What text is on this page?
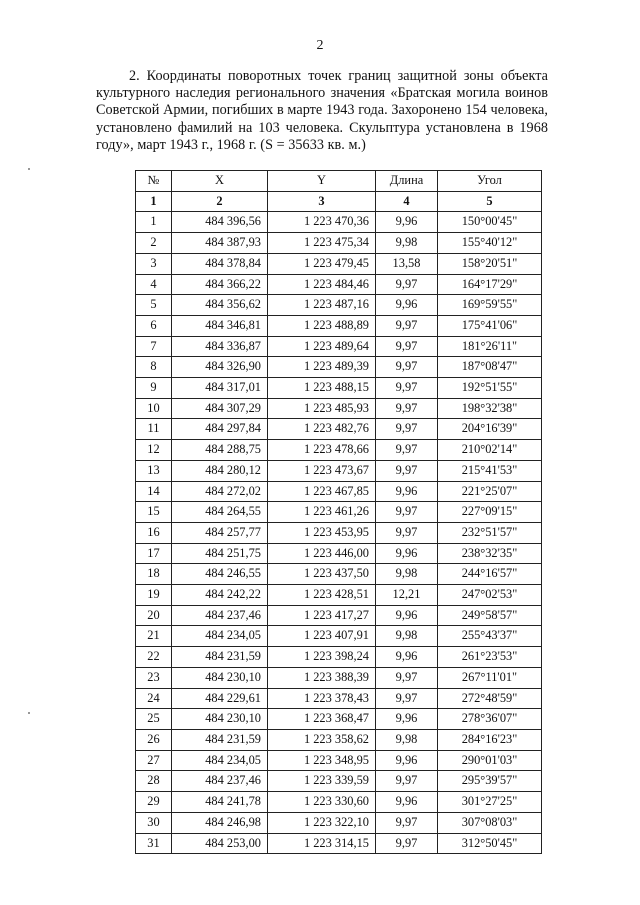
2
2. Координаты поворотных точек границ защитной зоны объекта культурного наследия регионального значения «Братская могила воинов Советской Армии, погибших в марте 1943 года. Захоронено 154 человека, установлено фамилий на 103 человека. Скульптура установлена в 1968 году», март 1943 г., 1968 г. (S = 35633 кв. м.)
№	X	Y	Длина	Угол
1	2	3	4	5
1	484 396,56	1 223 470,36	9,96	150°00'45"
2	484 387,93	1 223 475,34	9,98	155°40'12"
3	484 378,84	1 223 479,45	13,58	158°20'51"
4	484 366,22	1 223 484,46	9,97	164°17'29"
5	484 356,62	1 223 487,16	9,96	169°59'55"
6	484 346,81	1 223 488,89	9,97	175°41'06"
7	484 336,87	1 223 489,64	9,97	181°26'11"
8	484 326,90	1 223 489,39	9,97	187°08'47"
9	484 317,01	1 223 488,15	9,97	192°51'55"
10	484 307,29	1 223 485,93	9,97	198°32'38"
11	484 297,84	1 223 482,76	9,97	204°16'39"
12	484 288,75	1 223 478,66	9,97	210°02'14"
13	484 280,12	1 223 473,67	9,97	215°41'53"
14	484 272,02	1 223 467,85	9,96	221°25'07"
15	484 264,55	1 223 461,26	9,97	227°09'15"
16	484 257,77	1 223 453,95	9,97	232°51'57"
17	484 251,75	1 223 446,00	9,96	238°32'35"
18	484 246,55	1 223 437,50	9,98	244°16'57"
19	484 242,22	1 223 428,51	12,21	247°02'53"
20	484 237,46	1 223 417,27	9,96	249°58'57"
21	484 234,05	1 223 407,91	9,98	255°43'37"
22	484 231,59	1 223 398,24	9,96	261°23'53"
23	484 230,10	1 223 388,39	9,97	267°11'01"
24	484 229,61	1 223 378,43	9,97	272°48'59"
25	484 230,10	1 223 368,47	9,96	278°36'07"
26	484 231,59	1 223 358,62	9,98	284°16'23"
27	484 234,05	1 223 348,95	9,96	290°01'03"
28	484 237,46	1 223 339,59	9,97	295°39'57"
29	484 241,78	1 223 330,60	9,96	301°27'25"
30	484 246,98	1 223 322,10	9,97	307°08'03"
31	484 253,00	1 223 314,15	9,97	312°50'45"
